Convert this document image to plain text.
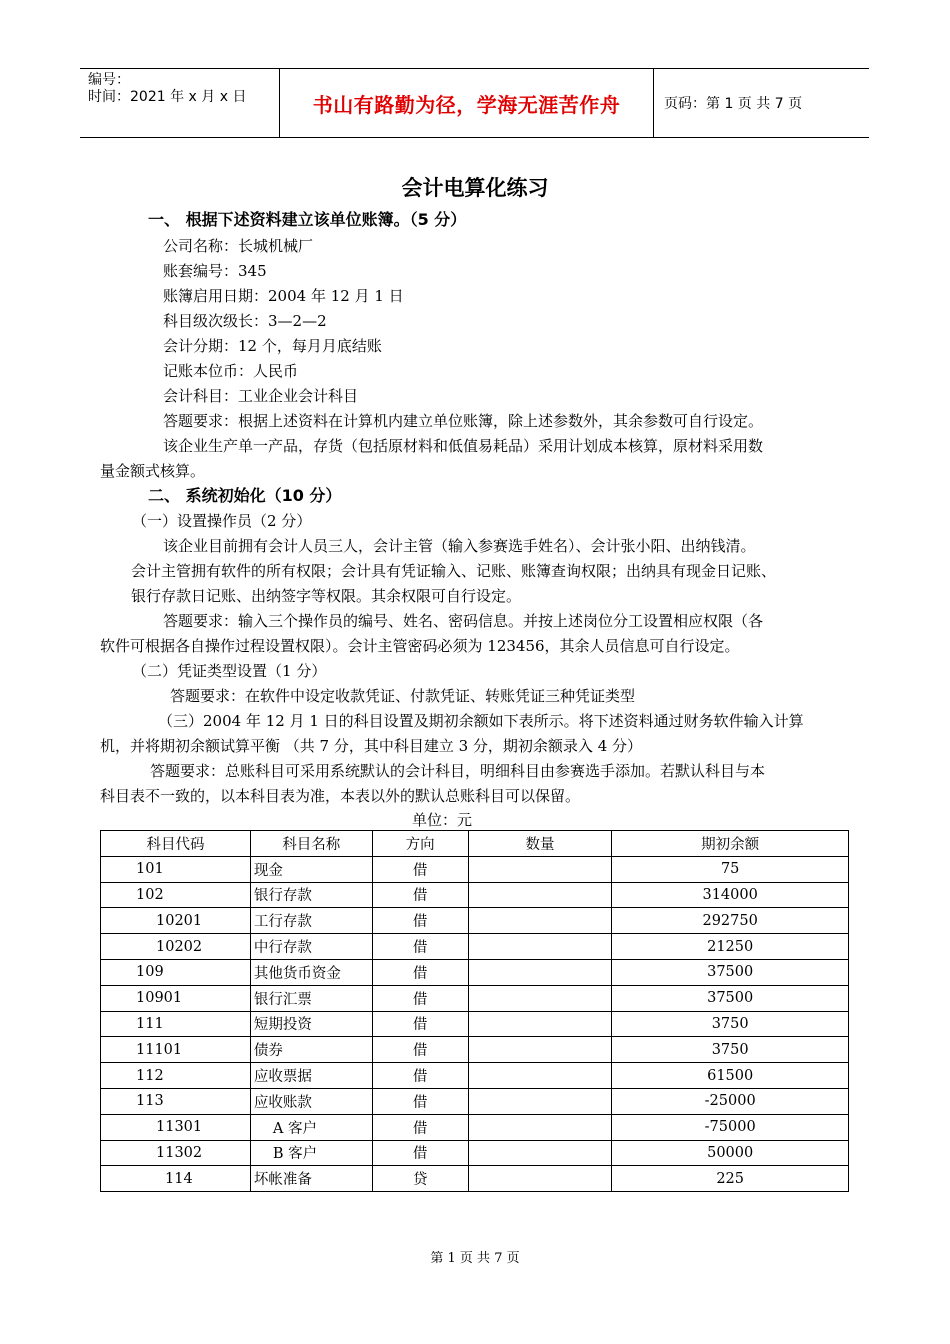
编号：
时间：2021 年 x 月 x 日	书山有路勤为径，学海无涯苦作舟	页码：第 1 页 共 7 页
会计电算化练习
一、 根据下述资料建立该单位账簿。（5 分）
公司名称：长城机械厂
账套编号：345
账簿启用日期：2004 年 12 月 1 日
科目级次级长：3—2—2
会计分期：12 个，每月月底结账
记账本位币：人民币
会计科目：工业企业会计科目
答题要求：根据上述资料在计算机内建立单位账簿，除上述参数外，其余参数可自行设定。
该企业生产单一产品，存货（包括原材料和低值易耗品）采用计划成本核算，原材料采用数
量金额式核算。
二、 系统初始化（10 分）
（一）设置操作员（2 分）
该企业目前拥有会计人员三人，会计主管（输入参赛选手姓名）、会计张小阳、出纳钱清。
会计主管拥有软件的所有权限；会计具有凭证输入、记账、账簿查询权限；出纳具有现金日记账、
银行存款日记账、出纳签字等权限。其余权限可自行设定。
答题要求：输入三个操作员的编号、姓名、密码信息。并按上述岗位分工设置相应权限（各
软件可根据各自操作过程设置权限）。会计主管密码必须为 123456，其余人员信息可自行设定。
（二）凭证类型设置（1 分）
答题要求：在软件中设定收款凭证、付款凭证、转账凭证三种凭证类型
（三）2004 年 12 月 1 日的科目设置及期初余额如下表所示。将下述资料通过财务软件输入计算
机，并将期初余额试算平衡 （共 7 分，其中科目建立 3 分，期初余额录入 4 分）
答题要求：总账科目可采用系统默认的会计科目，明细科目由参赛选手添加。若默认科目与本
科目表不一致的，以本科目表为准，本表以外的默认总账科目可以保留。
单位：元
科目代码	科目名称	方向	数量	期初余额
101	现金	借		75
102	银行存款	借		314000
10201	工行存款	借		292750
10202	中行存款	借		21250
109	其他货币资金	借		37500
10901	银行汇票	借		37500
111	短期投资	借		3750
11101	债券	借		3750
112	应收票据	借		61500
113	应收账款	借		-25000
11301	A 客户	借		-75000
11302	B 客户	借		50000
114	坏帐准备	贷		225
第 1 页 共 7 页
